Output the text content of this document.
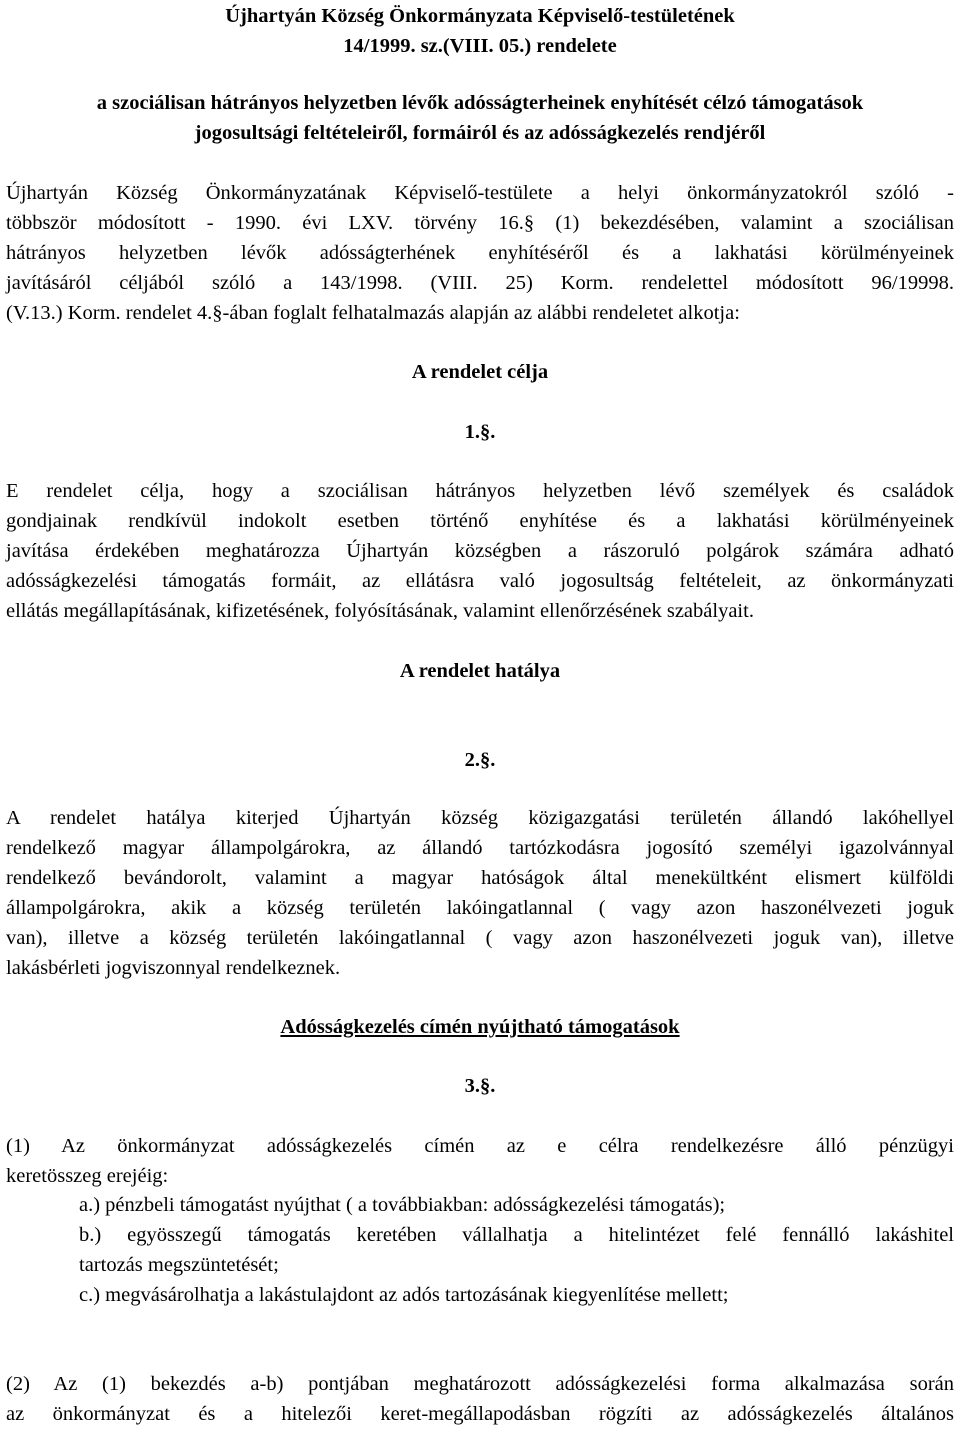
Újhartyán Község Önkormányzata Képviselő-testületének
14/1999. sz.(VIII. 05.) rendelete
a szociálisan hátrányos helyzetben lévők adósságterheinek enyhítését célzó támogatások
jogosultsági feltételeiről, formáiról és az adósságkezelés rendjéről
Újhartyán Község Önkormányzatának Képviselő-testülete a helyi önkormányzatokról szóló -
többször módosított - 1990. évi LXV. törvény 16.§ (1) bekezdésében, valamint a szociálisan
hátrányos helyzetben lévők adósságterhének enyhítéséről és a lakhatási körülményeinek
javításáról céljából szóló a 143/1998. (VIII. 25) Korm. rendelettel módosított 96/19998.
(V.13.) Korm. rendelet 4.§-ában foglalt felhatalmazás alapján az alábbi rendeletet alkotja:
A rendelet célja
1.§.
E rendelet célja, hogy a szociálisan hátrányos helyzetben lévő személyek és családok
gondjainak rendkívül indokolt esetben történő enyhítése és a lakhatási körülményeinek
javítása érdekében meghatározza Újhartyán községben a rászoruló polgárok számára adható
adósságkezelési támogatás formáit, az ellátásra való jogosultság feltételeit, az önkormányzati
ellátás megállapításának, kifizetésének, folyósításának, valamint ellenőrzésének szabályait.
A rendelet hatálya
2.§.
A rendelet hatálya kiterjed Újhartyán község közigazgatási területén állandó lakóhellyel
rendelkező magyar állampolgárokra, az állandó tartózkodásra jogosító személyi igazolvánnyal
rendelkező bevándorolt, valamint a magyar hatóságok által menekültként elismert külföldi
állampolgárokra, akik a község területén lakóingatlannal ( vagy azon haszonélvezeti joguk
van), illetve a község területén lakóingatlannal ( vagy azon haszonélvezeti joguk van), illetve
lakásbérleti jogviszonnyal rendelkeznek.
Adósságkezelés címén nyújtható támogatások
3.§.
(1) Az önkormányzat adósságkezelés címén az e célra rendelkezésre álló pénzügyi
keretösszeg erejéig:
a.) pénzbeli támogatást nyújthat ( a továbbiakban: adósságkezelési támogatás);
b.) egyösszegű támogatás keretében vállalhatja a hitelintézet felé fennálló lakáshitel
tartozás megszüntetését;
c.) megvásárolhatja a lakástulajdont az adós tartozásának kiegyenlítése mellett;
(2) Az (1) bekezdés a-b) pontjában meghatározott adósságkezelési forma alkalmazása során
az önkormányzat és a hitelezői keret-megállapodásban rögzíti az adósságkezelés általános
